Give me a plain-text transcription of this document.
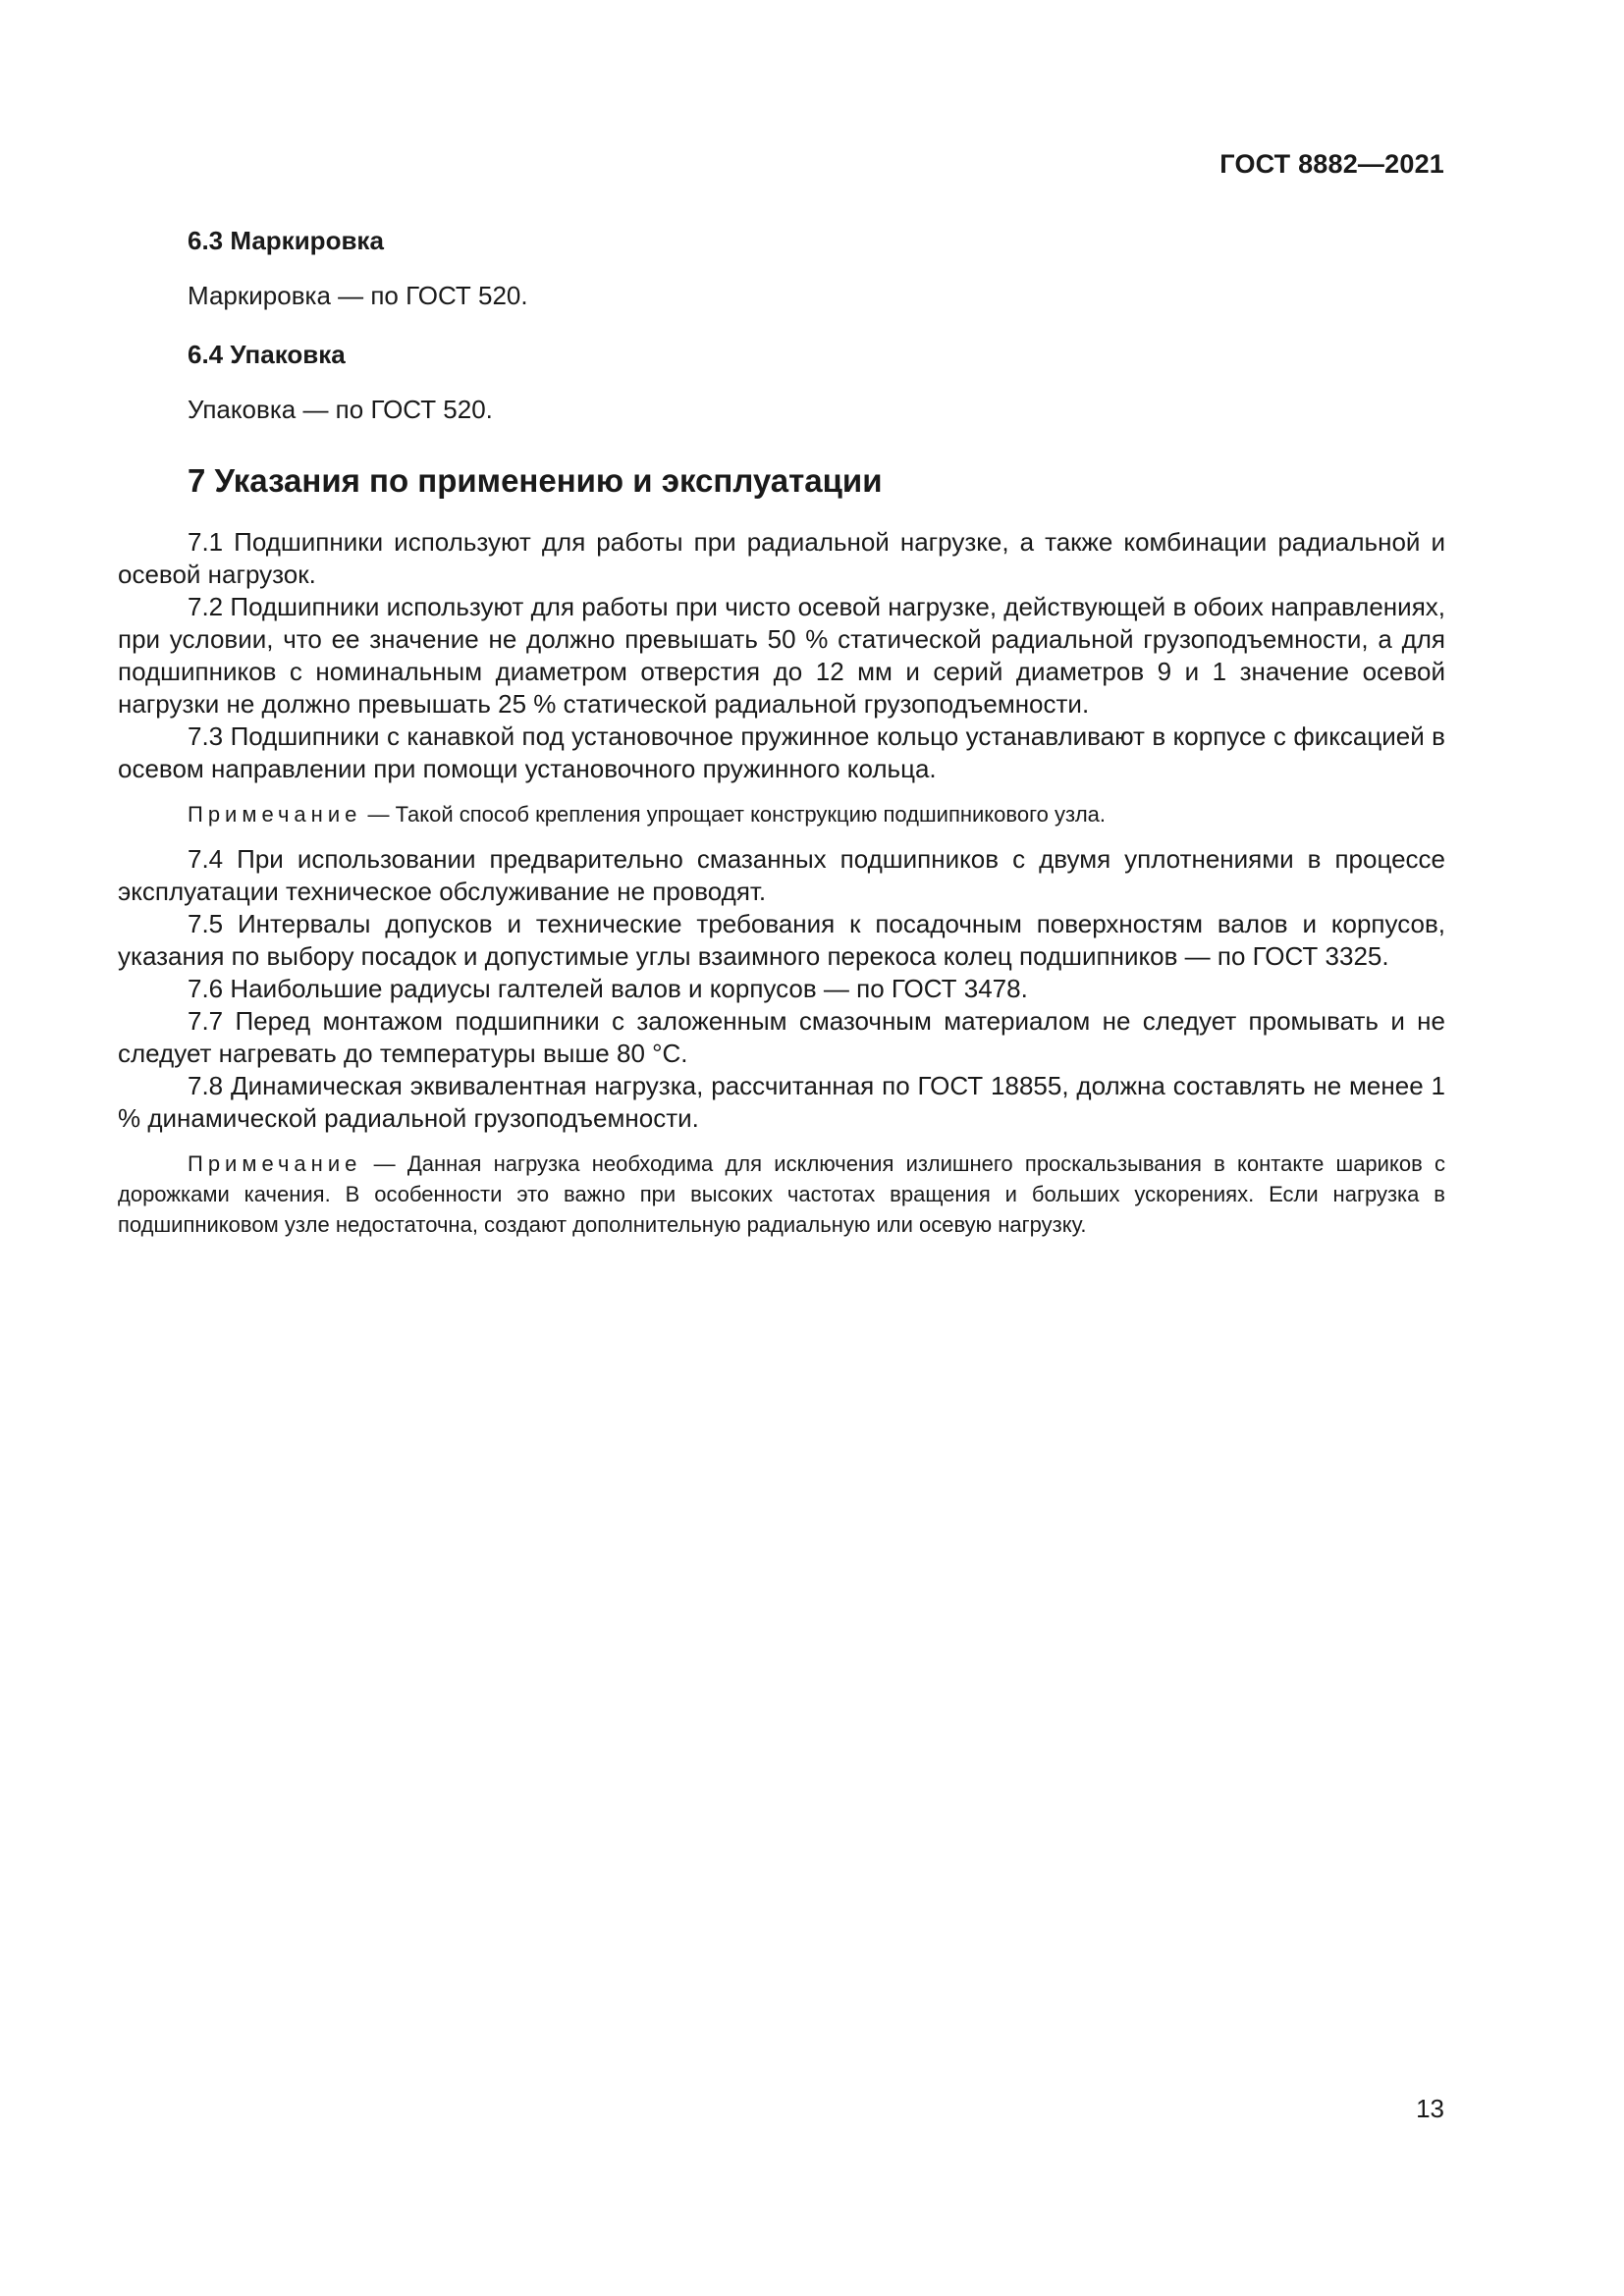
ГОСТ 8882—2021
6.3 Маркировка
Маркировка — по ГОСТ 520.
6.4 Упаковка
Упаковка — по ГОСТ 520.
7 Указания по применению и эксплуатации

7.1 Подшипники используют для работы при радиальной нагрузке, а также комбинации радиальной и осевой нагрузок.

7.2 Подшипники используют для работы при чисто осевой нагрузке, действующей в обоих направлениях, при условии, что ее значение не должно превышать 50 % статической радиальной грузоподъемности, а для подшипников с номинальным диаметром отверстия до 12 мм и серий диаметров 9 и 1 значение осевой нагрузки не должно превышать 25 % статической радиальной грузоподъемности.

7.3 Подшипники с канавкой под установочное пружинное кольцо устанавливают в корпусе с фиксацией в осевом направлении при помощи установочного пружинного кольца.

Примечание — Такой способ крепления упрощает конструкцию подшипникового узла.

7.4 При использовании предварительно смазанных подшипников с двумя уплотнениями в процессе эксплуатации техническое обслуживание не проводят.

7.5 Интервалы допусков и технические требования к посадочным поверхностям валов и корпусов, указания по выбору посадок и допустимые углы взаимного перекоса колец подшипников — по ГОСТ 3325.

7.6 Наибольшие радиусы галтелей валов и корпусов — по ГОСТ 3478.

7.7 Перед монтажом подшипники с заложенным смазочным материалом не следует промывать и не следует нагревать до температуры выше 80 °С.

7.8 Динамическая эквивалентная нагрузка, рассчитанная по ГОСТ 18855, должна составлять не менее 1 % динамической радиальной грузоподъемности.

Примечание — Данная нагрузка необходима для исключения излишнего проскальзывания в контакте шариков с дорожками качения. В особенности это важно при высоких частотах вращения и больших ускорениях. Если нагрузка в подшипниковом узле недостаточна, создают дополнительную радиальную или осевую нагрузку.

13
